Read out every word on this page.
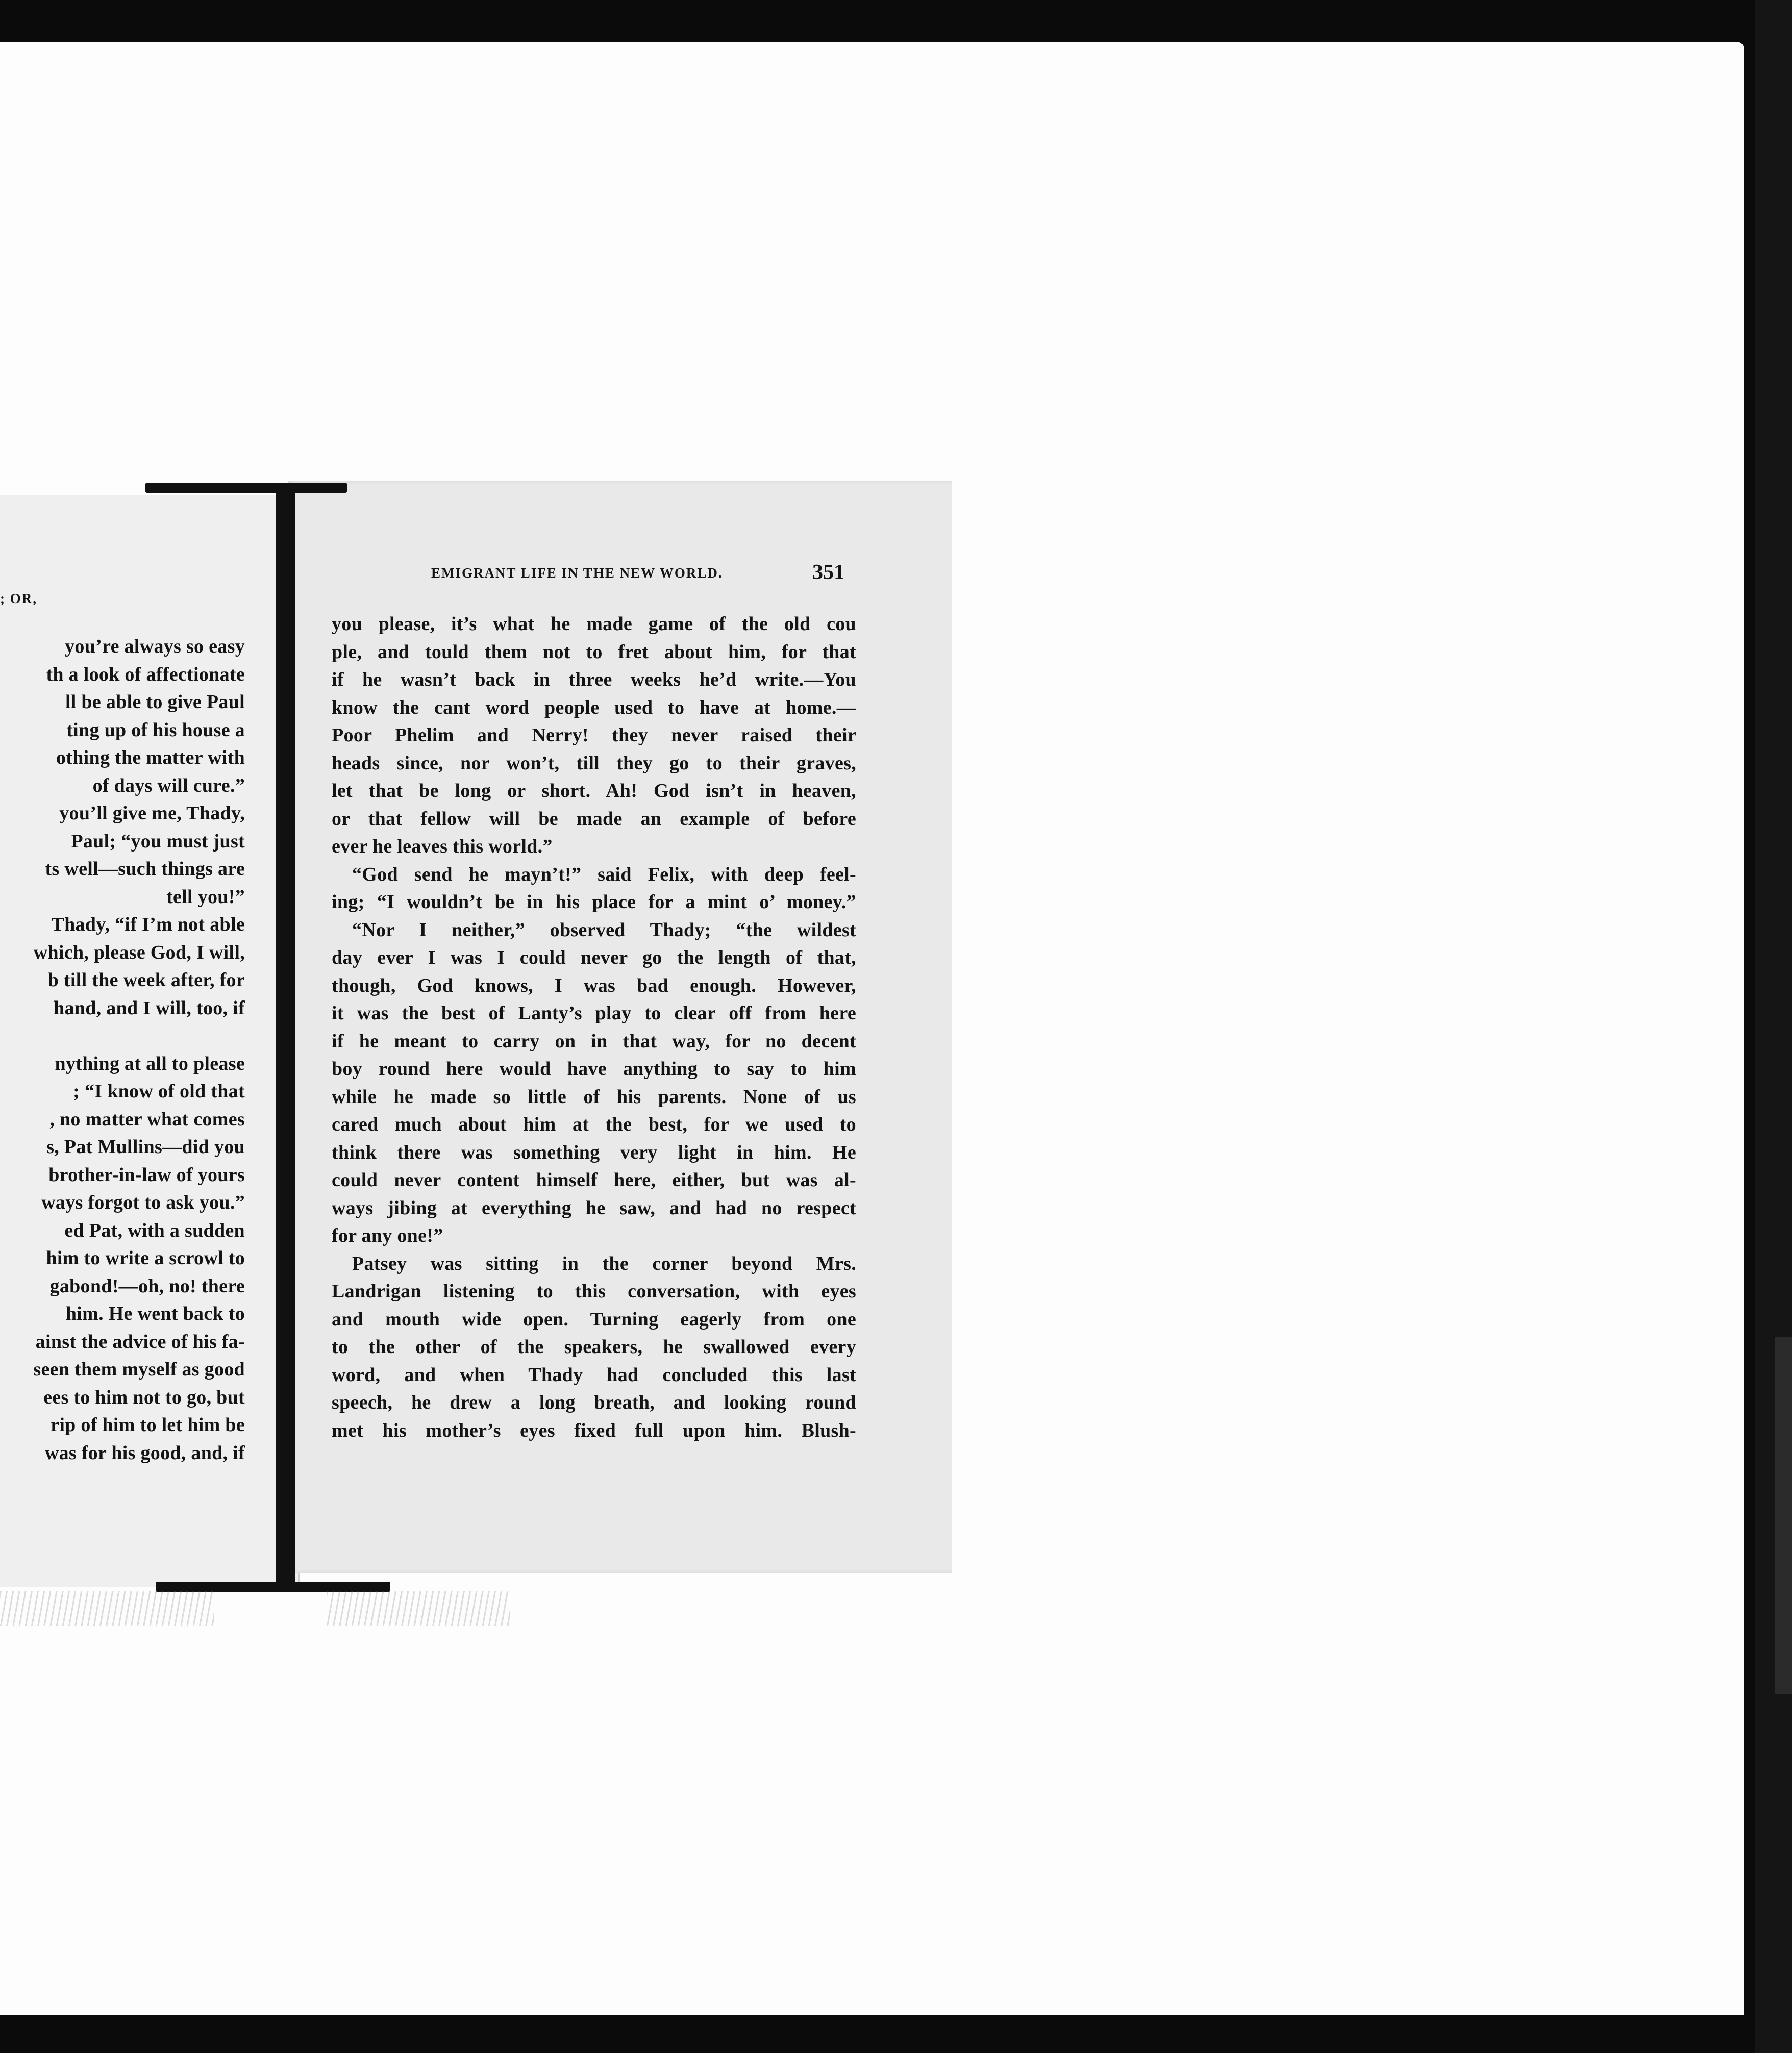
; OR,
you’re always so easy
th a look of affectionate
ll be able to give Paul
ting up of his house a
othing the matter with
of days will cure.”
you’ll give me, Thady,
Paul; “you must just
ts well—such things are
tell you!”
Thady, “if I’m not able
which, please God, I will,
b till the week after, for
hand, and I will, too, if
nything at all to please
; “I know of old that
, no matter what comes
s, Pat Mullins—did you
brother-in-law of yours
ways forgot to ask you.”
ed Pat, with a sudden
him to write a scrowl to
gabond!—oh, no! there
him. He went back to
ainst the advice of his fa-
seen them myself as good
ees to him not to go, but
rip of him to let him be
was for his good, and, if
EMIGRANT LIFE IN THE NEW WORLD.	351
you please, it’s what he made game of the old cou
ple, and tould them not to fret about him, for that
if he wasn’t back in three weeks he’d write.—You
know the cant word people used to have at home.—
Poor Phelim and Nerry! they never raised their
heads since, nor won’t, till they go to their graves,
let that be long or short. Ah! God isn’t in heaven,
or that fellow will be made an example of before
ever he leaves this world.”
“God send he mayn’t!” said Felix, with deep feel-
ing; “I wouldn’t be in his place for a mint o’ money.”
“Nor I neither,” observed Thady; “the wildest
day ever I was I could never go the length of that,
though, God knows, I was bad enough. However,
it was the best of Lanty’s play to clear off from here
if he meant to carry on in that way, for no decent
boy round here would have anything to say to him
while he made so little of his parents. None of us
cared much about him at the best, for we used to
think there was something very light in him. He
could never content himself here, either, but was al-
ways jibing at everything he saw, and had no respect
for any one!”
Patsey was sitting in the corner beyond Mrs.
Landrigan listening to this conversation, with eyes
and mouth wide open. Turning eagerly from one
to the other of the speakers, he swallowed every
word, and when Thady had concluded this last
speech, he drew a long breath, and looking round
met his mother’s eyes fixed full upon him. Blush-
